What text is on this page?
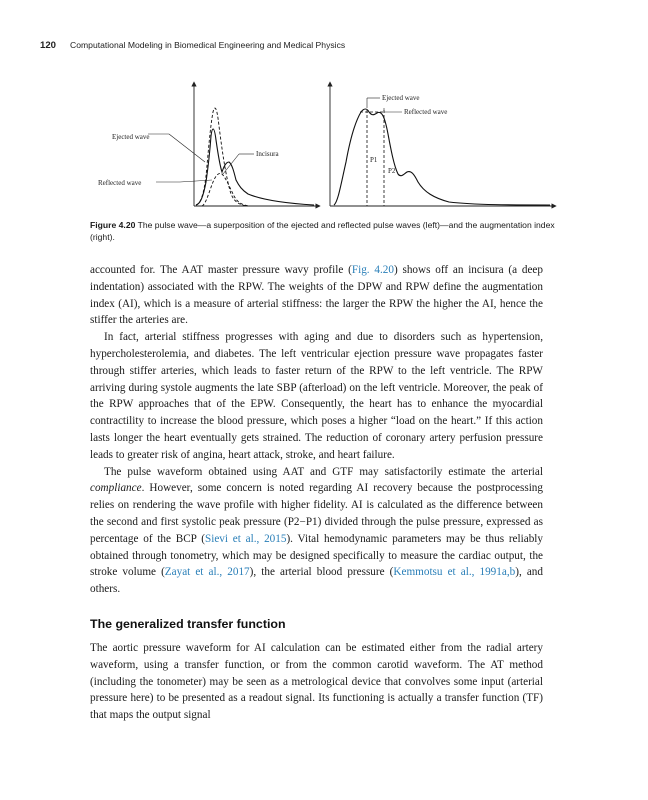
120 Computational Modeling in Biomedical Engineering and Medical Physics
Ejected wave
Incisura
Reflected wave
Ejected wave
Reflected wave
P1
P2
Figure 4.20 The pulse wave—a superposition of the ejected and reflected pulse waves (left)—and the augmentation index (right).

accounted for. The AAT master pressure wavy profile (Fig. 4.20) shows off an incisura (a deep indentation) associated with the RPW. The weights of the DPW and RPW define the augmentation index (AI), which is a measure of arterial stiffness: the larger the RPW the higher the AI, hence the stiffer the arteries are.

In fact, arterial stiffness progresses with aging and due to disorders such as hypertension, hypercholesterolemia, and diabetes. The left ventricular ejection pressure wave propagates faster through stiffer arteries, which leads to faster return of the RPW to the left ventricle. The RPW arriving during systole augments the late SBP (afterload) on the left ventricle. Moreover, the peak of the RPW approaches that of the EPW. Consequently, the heart has to enhance the myocardial contractility to increase the blood pressure, which poses a higher “load on the heart.” If this action lasts longer the heart eventually gets strained. The reduction of coronary artery perfusion pressure leads to greater risk of angina, heart attack, stroke, and heart failure.

The pulse waveform obtained using AAT and GTF may satisfactorily estimate the arterial compliance. However, some concern is noted regarding AI recovery because the postprocessing relies on rendering the wave profile with higher fidelity. AI is calculated as the difference between the second and first systolic peak pressure (P2−P1) divided through the pulse pressure, expressed as percentage of the BCP (Sievi et al., 2015). Vital hemodynamic parameters may be thus reliably obtained through tonometry, which may be designed specifically to measure the cardiac output, the stroke volume (Zayat et al., 2017), the arterial blood pressure (Kemmotsu et al., 1991a,b), and others.

The generalized transfer function

The aortic pressure waveform for AI calculation can be estimated either from the radial artery waveform, using a transfer function, or from the common carotid waveform. The AT method (including the tonometer) may be seen as a metrological device that convolves some input (arterial pressure here) to be presented as a readout signal. Its functioning is actually a transfer function (TF) that maps the output signal
